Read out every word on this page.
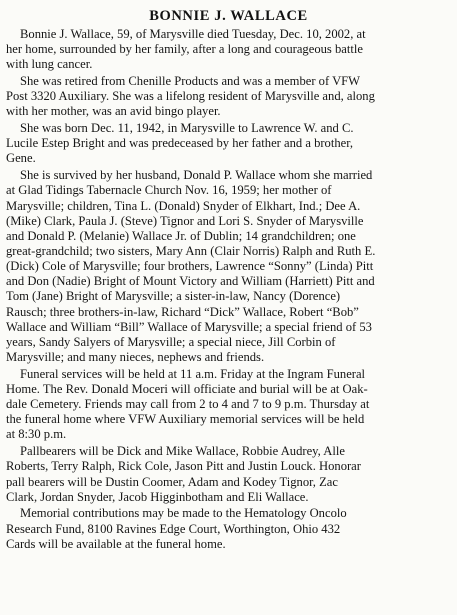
BONNIE J. WALLACE
Bonnie J. Wallace, 59, of Marysville died Tuesday, Dec. 10, 2002, at
her home, surrounded by her family, after a long and courageous battle
with lung cancer.
She was retired from Chenille Products and was a member of VFW
Post 3320 Auxiliary. She was a lifelong resident of Marysville and, along
with her mother, was an avid bingo player.
She was born Dec. 11, 1942, in Marysville to Lawrence W. and C.
Lucile Estep Bright and was predeceased by her father and a brother,
Gene.
She is survived by her husband, Donald P. Wallace whom she married
at Glad Tidings Tabernacle Church Nov. 16, 1959; her mother of
Marysville; children, Tina L. (Donald) Snyder of Elkhart, Ind.; Dee A.
(Mike) Clark, Paula J. (Steve) Tignor and Lori S. Snyder of Marysville
and Donald P. (Melanie) Wallace Jr. of Dublin; 14 grandchildren; one
great-grandchild; two sisters, Mary Ann (Clair Norris) Ralph and Ruth E.
(Dick) Cole of Marysville; four brothers, Lawrence “Sonny” (Linda) Pitt
and Don (Nadie) Bright of Mount Victory and William (Harriett) Pitt and
Tom (Jane) Bright of Marysville; a sister-in-law, Nancy (Dorence)
Rausch; three brothers-in-law, Richard “Dick” Wallace, Robert “Bob”
Wallace and William “Bill” Wallace of Marysville; a special friend of 53
years, Sandy Salyers of Marysville; a special niece, Jill Corbin of
Marysville; and many nieces, nephews and friends.
Funeral services will be held at 11 a.m. Friday at the Ingram Funeral
Home. The Rev. Donald Moceri will officiate and burial will be at Oak-
dale Cemetery. Friends may call from 2 to 4 and 7 to 9 p.m. Thursday at
the funeral home where VFW Auxiliary memorial services will be held
at 8:30 p.m.
Pallbearers will be Dick and Mike Wallace, Robbie Audrey, Alle
Roberts, Terry Ralph, Rick Cole, Jason Pitt and Justin Louck. Honorar
pall bearers will be Dustin Coomer, Adam and Kodey Tignor, Zac
Clark, Jordan Snyder, Jacob Higginbotham and Eli Wallace.
Memorial contributions may be made to the Hematology Oncolo
Research Fund, 8100 Ravines Edge Court, Worthington, Ohio 432
Cards will be available at the funeral home.
